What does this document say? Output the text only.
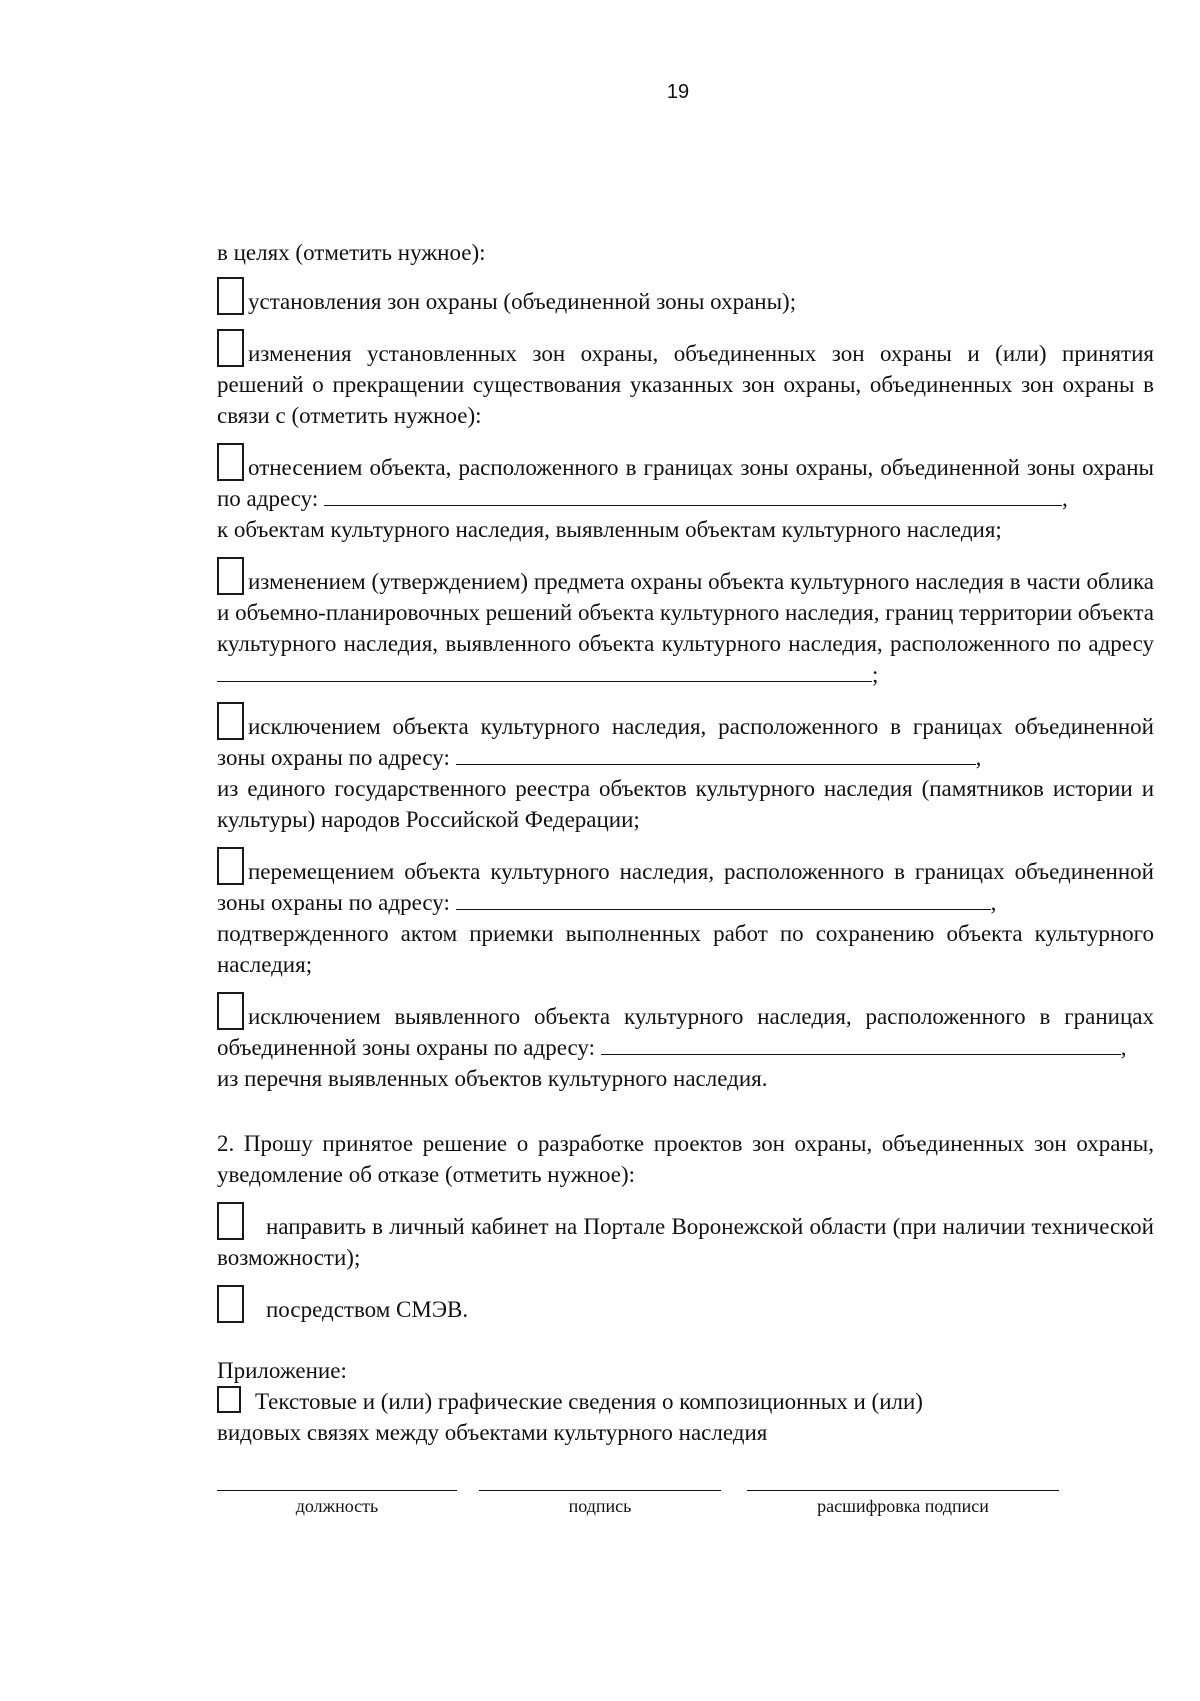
19

в целях (отметить нужное):

установления зон охраны (объединенной зоны охраны);

изменения установленных зон охраны, объединенных зон охраны и (или) принятия решений о прекращении существования указанных зон охраны, объединенных зон охраны в связи с (отметить нужное):

отнесением объекта, расположенного в границах зоны охраны, объединенной зоны охраны по адресу:	,

к объектам культурного наследия, выявленным объектам культурного наследия;

изменением (утверждением) предмета охраны объекта культурного наследия в части облика и объемно-планировочных решений объекта культурного наследия, границ территории объекта культурного наследия, выявленного объекта культурного наследия, расположенного по адресу ;

исключением объекта культурного наследия, расположенного в границах объединенной зоны охраны по адресу:	,

из единого государственного реестра объектов культурного наследия (памятников истории и культуры) народов Российской Федерации;

перемещением объекта культурного наследия, расположенного в границах объединенной зоны охраны по адресу:	,

подтвержденного актом приемки выполненных работ по сохранению объекта культурного наследия;

исключением выявленного объекта культурного наследия, расположенного в границах объединенной зоны охраны по адресу:	,

из перечня выявленных объектов культурного наследия.

2. Прошу принятое решение о разработке проектов зон охраны, объединенных зон охраны, уведомление об отказе (отметить нужное):

направить в личный кабинет на Портале Воронежской области (при наличии технической возможности);

посредством СМЭВ.

Приложение:

Текстовые и (или) графические сведения о композиционных и (или) видовых связях между объектами культурного наследия

должность	подпись	расшифровка подписи
